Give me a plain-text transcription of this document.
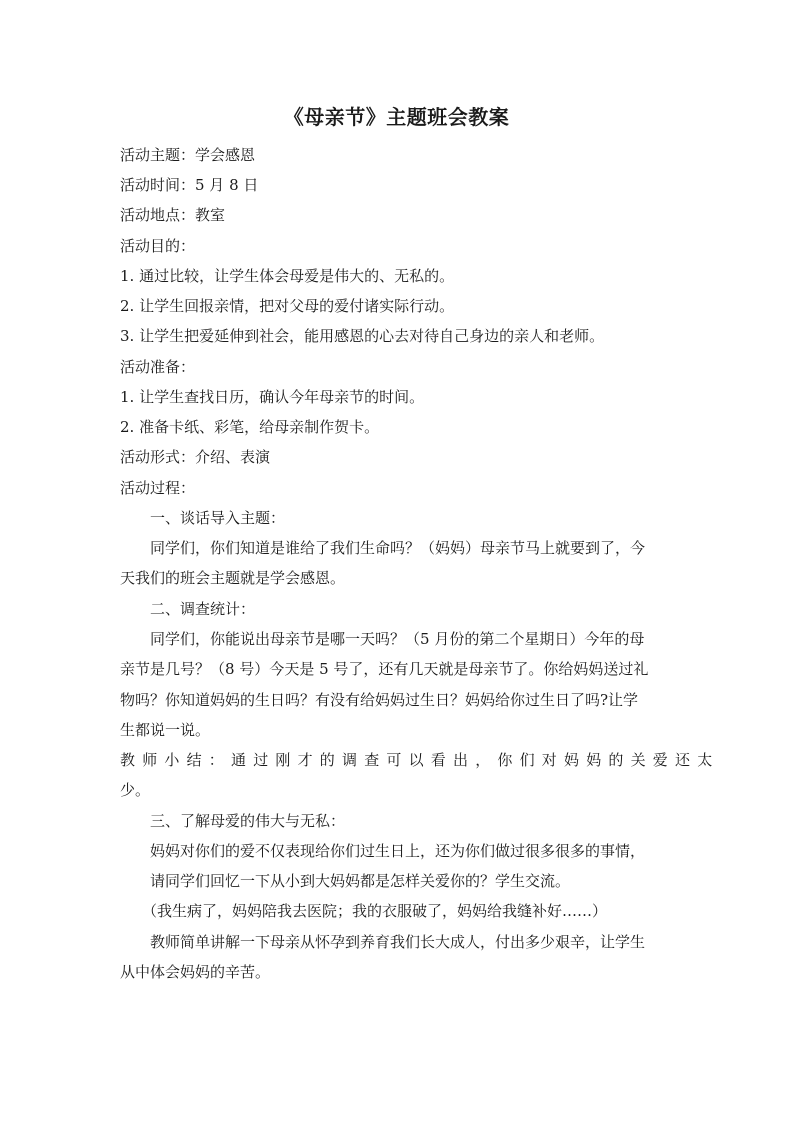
《母亲节》主题班会教案
活动主题：学会感恩
活动时间：5 月 8 日
活动地点：教室
活动目的：
1. 通过比较，让学生体会母爱是伟大的、无私的。
2. 让学生回报亲情，把对父母的爱付诸实际行动。
3. 让学生把爱延伸到社会，能用感恩的心去对待自己身边的亲人和老师。
活动准备：
1. 让学生查找日历，确认今年母亲节的时间。
2. 准备卡纸、彩笔，给母亲制作贺卡。
活动形式：介绍、表演
活动过程：
一、谈话导入主题：
同学们，你们知道是谁给了我们生命吗？（妈妈）母亲节马上就要到了，今
天我们的班会主题就是学会感恩。
二、调查统计：
同学们，你能说出母亲节是哪一天吗？（5 月份的第二个星期日）今年的母
亲节是几号？（8 号）今天是 5 号了，还有几天就是母亲节了。你给妈妈送过礼
物吗？你知道妈妈的生日吗？有没有给妈妈过生日？妈妈给你过生日了吗?让学
生都说一说。
教师小结：通过刚才的调查可以看出，你们对妈妈的关爱还太
少。
三、了解母爱的伟大与无私：
妈妈对你们的爱不仅表现给你们过生日上，还为你们做过很多很多的事情，
请同学们回忆一下从小到大妈妈都是怎样关爱你的？学生交流。
（我生病了，妈妈陪我去医院；我的衣服破了，妈妈给我缝补好……）
教师简单讲解一下母亲从怀孕到养育我们长大成人，付出多少艰辛，让学生
从中体会妈妈的辛苦。
